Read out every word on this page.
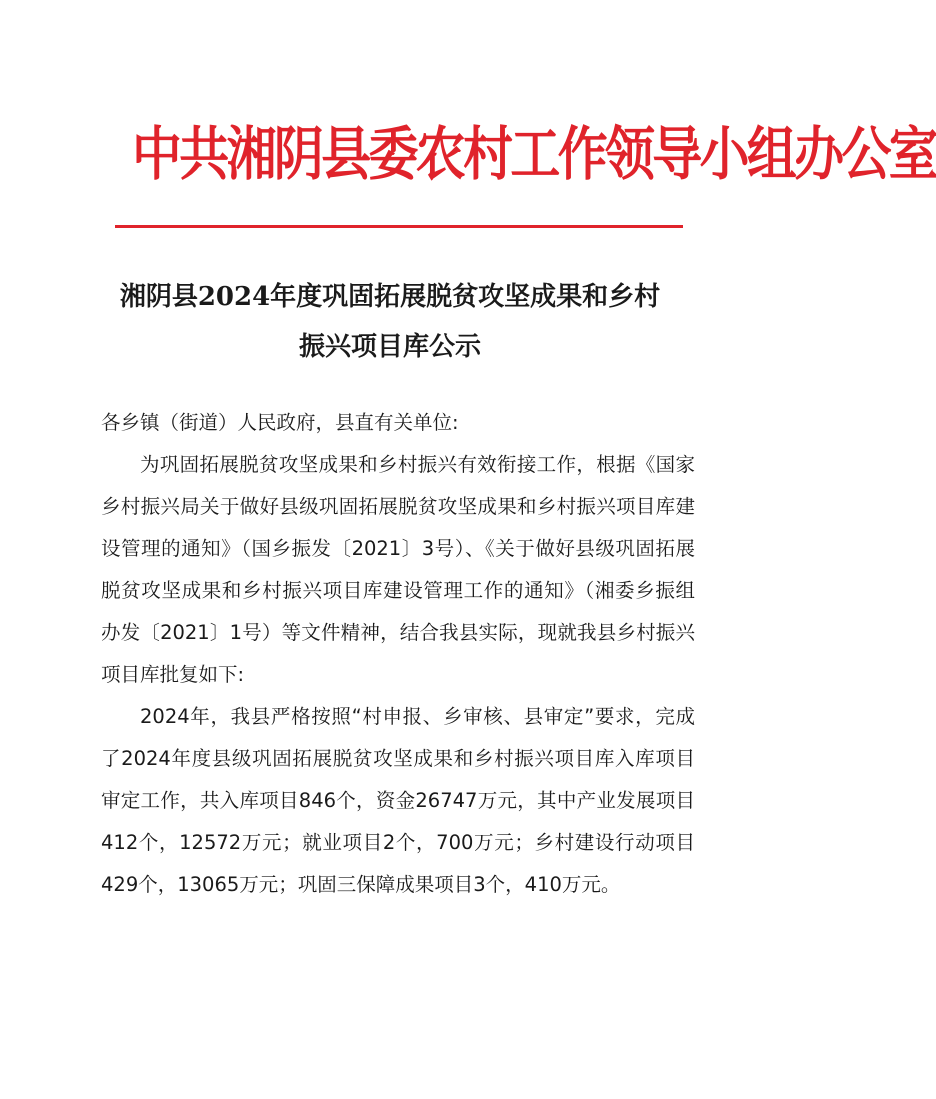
中共湘阴县委农村工作领导小组办公室
湘阴县2024年度巩固拓展脱贫攻坚成果和乡村
振兴项目库公示

各乡镇（街道）人民政府，县直有关单位:

为巩固拓展脱贫攻坚成果和乡村振兴有效衔接工作，根据《国家乡村振兴局关于做好县级巩固拓展脱贫攻坚成果和乡村振兴项目库建设管理的通知》（国乡振发〔2021〕3号）、《关于做好县级巩固拓展脱贫攻坚成果和乡村振兴项目库建设管理工作的通知》（湘委乡振组办发〔2021〕1号）等文件精神，结合我县实际，现就我县乡村振兴项目库批复如下:

2024年，我县严格按照“村申报、乡审核、县审定”要求，完成了2024年度县级巩固拓展脱贫攻坚成果和乡村振兴项目库入库项目审定工作，共入库项目846个，资金26747万元，其中产业发展项目412个，12572万元；就业项目2个，700万元；乡村建设行动项目429个，13065万元；巩固三保障成果项目3个，410万元。
